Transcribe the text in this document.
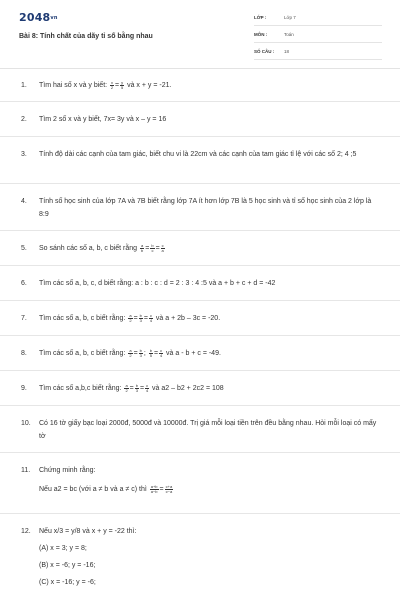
2048vn
Bài 8: Tính chất của dãy tỉ số bằng nhau
LỚP :	Lớp 7
MÔN :	Toán
SỐ CÂU : 18
1.	Tìm hai số x và y biết: $\frac{x}{2} = \frac{y}{5}$ và x + y = -21.
2.	Tìm 2 số x và y biết, 7x= 3y và x – y = 16
3.	Tính độ dài các cạnh của tam giác, biết chu vi là 22cm và các cạnh của tam giác tỉ lệ với các số 2; 4 ;5
4.	Tính số học sinh của lớp 7A và 7B biết rằng lớp 7A ít hơn lớp 7B là 5 học sinh và tỉ số học sinh của 2 lớp là 8:9
5.	So sánh các số a, b, c biết rằng $\frac{a}{b} = \frac{b}{c} = \frac{c}{a}$
6.	Tìm các số a, b, c, d biết rằng: a : b : c : d = 2 : 3 : 4 :5 và a + b + c + d = -42
7.	Tìm các số a, b, c biết rằng: $\frac{a}{2} = \frac{b}{3} = \frac{c}{4}$ và a + 2b – 3c = -20.
8.	Tìm các số a, b, c biết rằng: $\frac{a}{2} = \frac{b}{3}$ ; $\frac{b}{5} = \frac{c}{4}$ và a - b + c = -49.
9.	Tìm các số a,b,c biết rằng: $\frac{a}{2} = \frac{b}{3} = \frac{c}{4}$ và a2 – b2 + 2c2 = 108
10.	Có 16 tờ giấy bạc loại 2000đ, 5000đ và 10000đ. Trị giá mỗi loại tiền trên đều bằng nhau. Hỏi mỗi loại có mấy tờ
11.	Chứng minh rằng:
Nếu a2 = bc (với a ≠ b và a ≠ c) thì $\frac{a+b}{a-b} = \frac{c+a}{c-a}$
12.	Nếu x/3 = y/8 và x + y = -22 thì:
(A) x = 3; y = 8;
(B) x = -6; y = -16;
(C) x = -16; y = -6;
